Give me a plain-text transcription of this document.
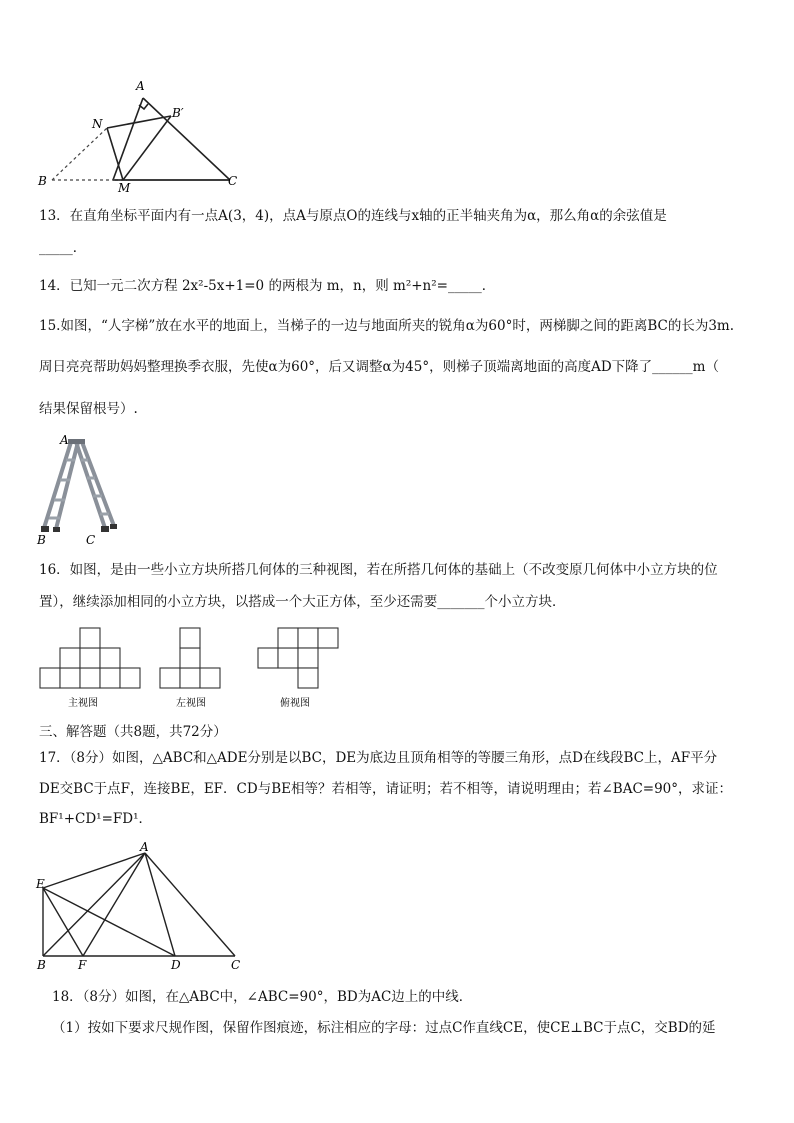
A
B′
N
B	M	C
13．在直角坐标平面内有一点A(3，4)，点A与原点O的连线与x轴的正半轴夹角为α，那么角α的余弦值是
_____．
14．已知一元二次方程 2x²-5x+1=0 的两根为 m，n，则 m²+n²=_____．
15.如图，“人字梯”放在水平的地面上，当梯子的一边与地面所夹的锐角α为60°时，两梯脚之间的距离BC的长为3m.
周日亮亮帮助妈妈整理换季衣服，先使α为60°，后又调整α为45°，则梯子顶端离地面的高度AD下降了______m（
结果保留根号）.
A
B	C
16．如图，是由一些小立方块所搭几何体的三种视图，若在所搭几何体的基础上（不改变原几何体中小立方块的位
置），继续添加相同的小立方块，以搭成一个大正方体，至少还需要_______个小立方块．
主视图	左视图	俯视图
三、解答题（共8题，共72分）
17．（8分）如图，△ABC和△ADE分别是以BC，DE为底边且顶角相等的等腰三角形，点D在线段BC上，AF平分
DE交BC于点F，连接BE，EF．CD与BE相等？若相等，请证明；若不相等，请说明理由；若∠BAC=90°，求证：
BF¹+CD¹=FD¹．
A
E
B	F	D	C
18．（8分）如图，在△ABC中，∠ABC=90°，BD为AC边上的中线．
（1）按如下要求尺规作图，保留作图痕迹，标注相应的字母：过点C作直线CE，使CE⊥BC于点C，交BD的延
